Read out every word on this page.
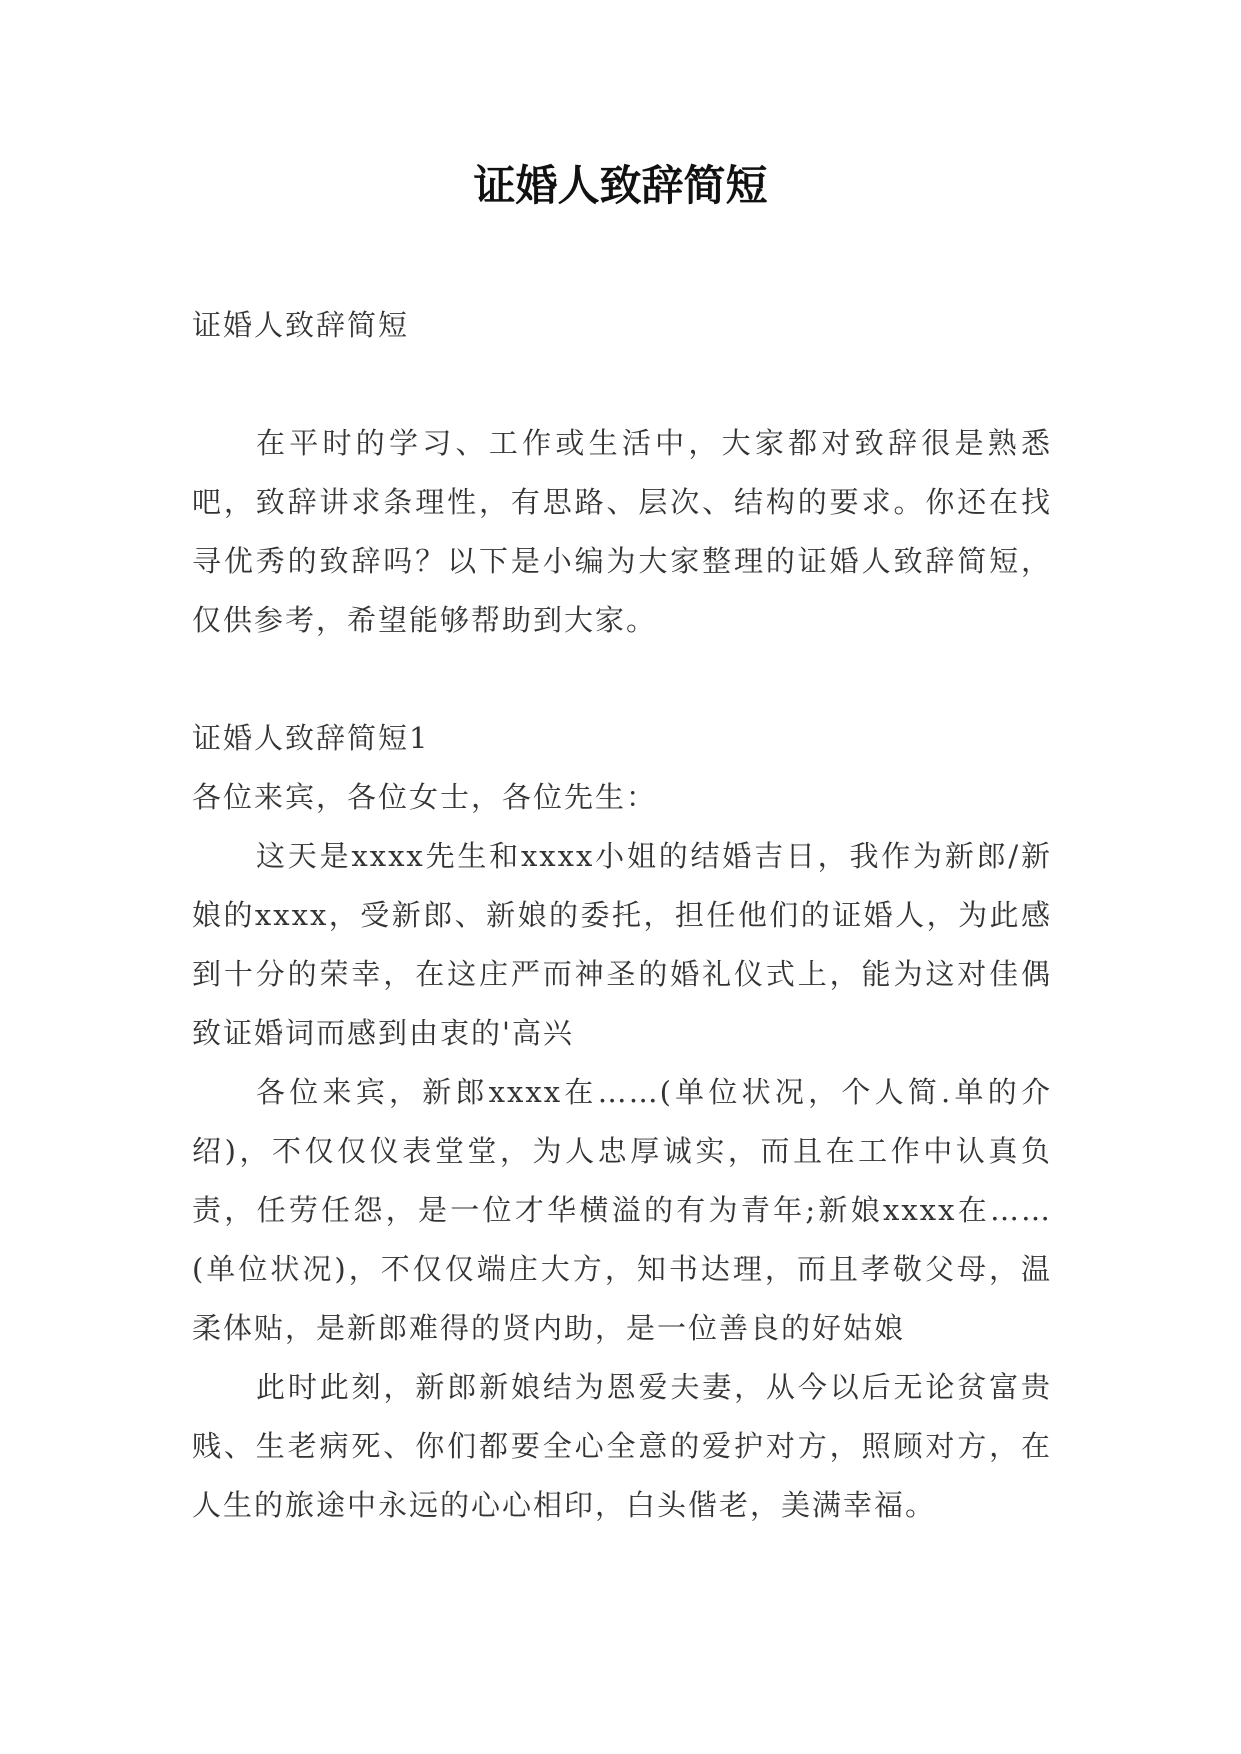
证婚人致辞简短

证婚人致辞简短

在平时的学习、工作或生活中，大家都对致辞很是熟悉吧，致辞讲求条理性，有思路、层次、结构的要求。你还在找寻优秀的致辞吗？以下是小编为大家整理的证婚人致辞简短，仅供参考，希望能够帮助到大家。

证婚人致辞简短1

各位来宾，各位女士，各位先生：

这天是xxxx先生和xxxx小姐的结婚吉日，我作为新郎/新娘的xxxx，受新郎、新娘的委托，担任他们的证婚人，为此感到十分的荣幸，在这庄严而神圣的婚礼仪式上，能为这对佳偶致证婚词而感到由衷的'高兴

各位来宾，新郎xxxx在……(单位状况，个人简.单的介绍)，不仅仅仪表堂堂，为人忠厚诚实，而且在工作中认真负责，任劳任怨，是一位才华横溢的有为青年;新娘xxxx在……(单位状况)，不仅仅端庄大方，知书达理，而且孝敬父母，温柔体贴，是新郎难得的贤内助，是一位善良的好姑娘

此时此刻，新郎新娘结为恩爱夫妻，从今以后无论贫富贵贱、生老病死、你们都要全心全意的爱护对方，照顾对方，在人生的旅途中永远的心心相印，白头偕老，美满幸福。
